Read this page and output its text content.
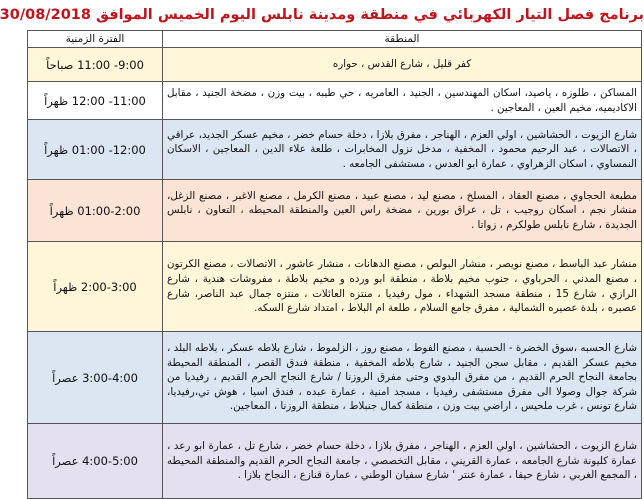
برنامج فصل التيار الكهربائي في منطقة ومدينة نابلس اليوم الخميس الموافق 30/08/2018
المنطقة	الفترة الزمنية
كفر قليل ، شارع القدس ، حواره	9:00- 11:00 صباحاً
المساكن ، طلوزه ، ياصيد، اسكان المهندسين ، الجنيد ، العامريه ، حي طيبه ، بيت وزن ، مضخة الجنيد ، مقابل الاكاديميه، مخيم العين ، المعاجين .	11:00- 12:00 ظهراً
شارع الزيوت ، الحشاشين ، اولي العزم ، الهناجر ، مفرق بلازا ، دخلة حسام خضر ، مخيم عسكر الجديد، عراقي ، الاتصالات ، عبد الرحيم محمود ، المخفية ، مدخل نزول المخابرات ، طلعة علاء الدين ، المعاجين ، الاسكان النمساوي ، اسكان الزهراوي ، عمارة ابو العدس ، مستشفى الجامعه .	12:00- 01:00 ظهراً
مطبعة الحجاوي ، مصنع العقاد ، المسلخ ، مصنع ليد ، مصنع عبيد ، مصنع الكرمل ، مصنع الاغبر ، مصنع الزغل، منشار نجم ، اسكان روجيب ، تل ، عراق بورين ، مضخة راس العين والمنطقة المحيطه ، التعاون ، نابلس الجديدة ، شارع نابلس طولكرم ، زواتا .	01:00-2:00 ظهراً
منشار عبد الباسط ، مصنع نويصر ، منشار البولص ، مصنع الدهانات ، منشار عاشور ، الاتصالات ، مصنع الكرتون ، مصنع المدني ، الحرباوي ، جنوب مخيم بلاطة ، منطقة ابو ورده و مخيم بلاطة ، مفروشات هندية ، شارع الرازي ، شارع 15 ، منطقة مسجد الشهداء ، مول رفيديا ، منتزه العائلات ، منتزه جمال عبد الناصر، شارع عصيره ، بلدة عصيره الشمالية ، مفرق جامع السلام ، طلعة ام البلاط ، امتداد شارع السكه.	2:00-3:00 ظهراً
شارع الحسبه ،سوق الخضرة - الحسبة ، مصنع الفوط ، مصنع روز ، الزلموط ، شارع بلاطه عسكر ، بلاطه البلد ، مخيم عسكر القديم ، مقابل سجن الجنيد ، شارع بلاطه المخفية ، منطقة فندق القصر ، المنطقة المحيطة بجامعة النجاح الحرم القديم ، من مفرق البدوي وحتى مفرق الروزنا / شارع النجاح الحرم القديم ، رفيديا من شركة جوال وصولا الى مفرق مستشفى رفيديا ، مسجد امنية ، عمارة عبده ، فندق اسيا ، هوش تي،رفيديا، شارع تونس ، غرب ملحيس ، اراضي بيت وزن ، منطقة كمال جنبلاط ، منطقة الروزنا ، المعاجين.	3:00-4:00 عصراً
شارع الزيوت ، الحشاشين ، اولي العزم ، الهناجر ، مفرق بلازا ، دخلة حسام خضر ، شارع تل ، عمارة ابو رعد ، عمارة كليونة شارع الجامعه ، عمارة القريني ، مقابل التخصصي ، جامعة النجاح الحرم القديم والمنطقة المحيطه ، المجمع الغربي ، شارع حيفا ، عمارة عنتر ' شارع سفيان الوطني ، عمارة قنازع ، النجاح بلازا .	4:00-5:00 عصراً
